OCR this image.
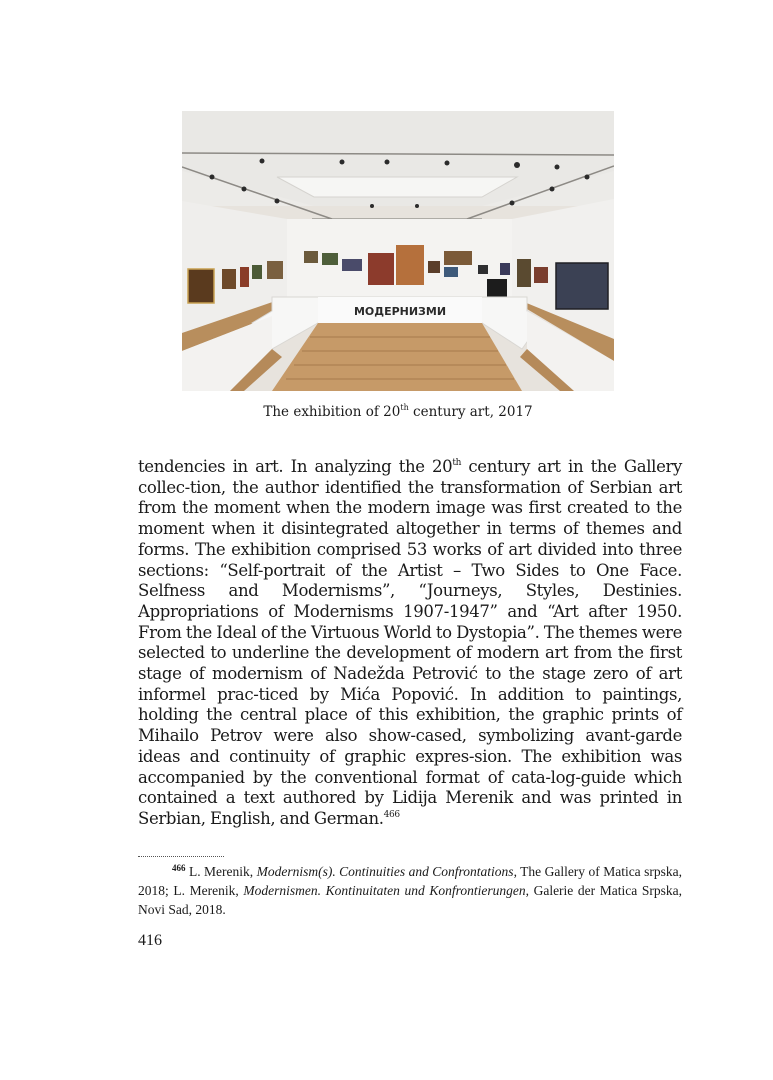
МОДЕРНИЗМИ
The exhibition of 20th century art, 2017
tendencies in art. In analyzing the 20th century art in the Gallery collec-tion, the author identified the transformation of Serbian art from the moment when the modern image was first created to the moment when it disintegrated altogether in terms of themes and forms. The exhibition comprised 53 works of art divided into three sections: “Self-portrait of the Artist – Two Sides to One Face. Selfness and Modernisms”, “Journeys, Styles, Destinies. Appropriations of Modernisms 1907-1947” and “Art after 1950. From the Ideal of the Virtuous World to Dystopia”. The themes were selected to underline the development of modern art from the first stage of modernism of Nadežda Petrović to the stage zero of art informel prac-ticed by Mića Popović. In addition to paintings, holding the central place of this exhibition, the graphic prints of Mihailo Petrov were also show-cased, symbolizing avant-garde ideas and continuity of graphic expres-sion. The exhibition was accompanied by the conventional format of cata-log-guide which contained a text authored by Lidija Merenik and was printed in Serbian, English, and German.$^{466}$
$^{466}$ L. Merenik, Modernism(s). Continuities and Confrontations, The Gallery of Matica srpska, 2018; L. Merenik, Modernismen. Kontinuitaten und Konfrontierungen, Galerie der Matica Srpska, Novi Sad, 2018.
416
